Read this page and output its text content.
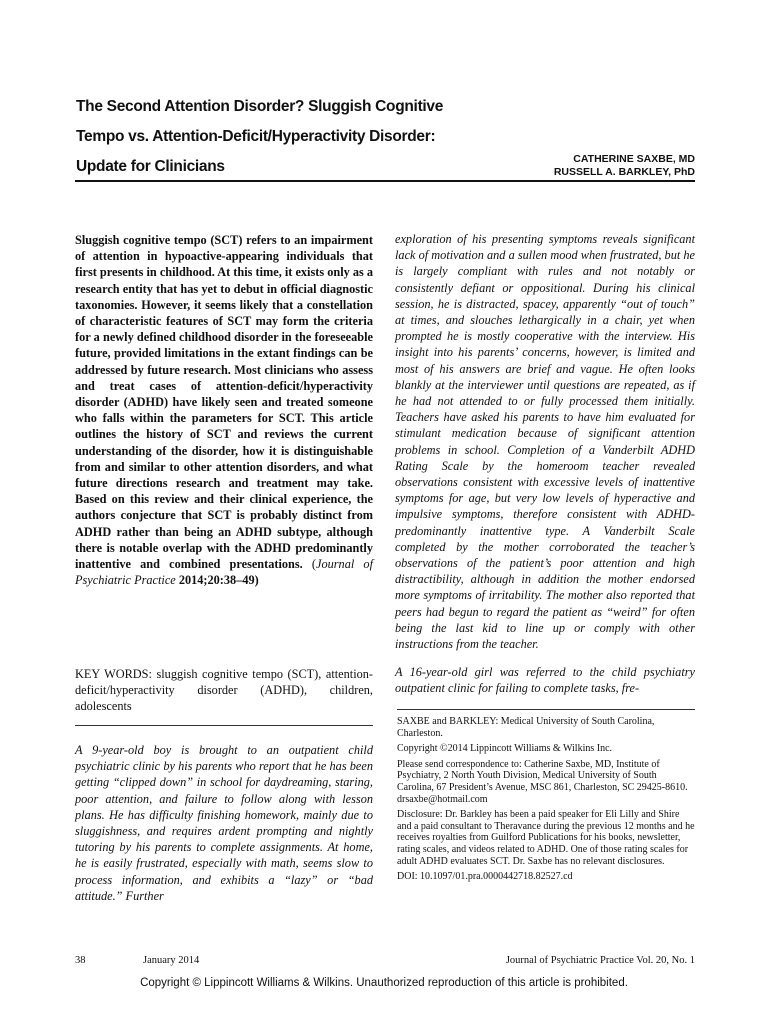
The Second Attention Disorder? Sluggish Cognitive
Tempo vs. Attention-Deficit/Hyperactivity Disorder:
Update for Clinicians	CATHERINE SAXBE, MD
RUSSELL A. BARKLEY, PhD

Sluggish cognitive tempo (SCT) refers to an impairment of attention in hypoactive-appearing individuals that first presents in childhood. At this time, it exists only as a research entity that has yet to debut in official diagnostic taxonomies. However, it seems likely that a constellation of characteristic features of SCT may form the criteria for a newly defined childhood disorder in the foreseeable future, provided limitations in the extant findings can be addressed by future research. Most clinicians who assess and treat cases of attention-deficit/hyperactivity disorder (ADHD) have likely seen and treated someone who falls within the parameters for SCT. This article outlines the history of SCT and reviews the current understanding of the disorder, how it is distinguishable from and similar to other attention disorders, and what future directions research and treatment may take. Based on this review and their clinical experience, the authors conjecture that SCT is probably distinct from ADHD rather than being an ADHD subtype, although there is notable overlap with the ADHD predominantly inattentive and combined presentations. (Journal of Psychiatric Practice 2014;20:38–49)

KEY WORDS: sluggish cognitive tempo (SCT), attention-deficit/hyperactivity disorder (ADHD), children, adolescents

A 9-year-old boy is brought to an outpatient child psychiatric clinic by his parents who report that he has been getting “clipped down” in school for daydreaming, staring, poor attention, and failure to follow along with lesson plans. He has difficulty finishing homework, mainly due to sluggishness, and requires ardent prompting and nightly tutoring by his parents to complete assignments. At home, he is easily frustrated, especially with math, seems slow to process information, and exhibits a “lazy” or “bad attitude.” Further

exploration of his presenting symptoms reveals significant lack of motivation and a sullen mood when frustrated, but he is largely compliant with rules and not notably or consistently defiant or oppositional. During his clinical session, he is distracted, spacey, apparently “out of touch” at times, and slouches lethargically in a chair, yet when prompted he is mostly cooperative with the interview. His insight into his parents’ concerns, however, is limited and most of his answers are brief and vague. He often looks blankly at the interviewer until questions are repeated, as if he had not attended to or fully processed them initially. Teachers have asked his parents to have him evaluated for stimulant medication because of significant attention problems in school. Completion of a Vanderbilt ADHD Rating Scale by the homeroom teacher revealed observations consistent with excessive levels of inattentive symptoms for age, but very low levels of hyperactive and impulsive symptoms, therefore consistent with ADHD-predominantly inattentive type. A Vanderbilt Scale completed by the mother corroborated the teacher’s observations of the patient’s poor attention and high distractibility, although in addition the mother endorsed more symptoms of irritability. The mother also reported that peers had begun to regard the patient as “weird” for often being the last kid to line up or comply with other instructions from the teacher.

A 16-year-old girl was referred to the child psychiatry outpatient clinic for failing to complete tasks, fre-

SAXBE and BARKLEY: Medical University of South Carolina, Charleston.

Copyright ©2014 Lippincott Williams & Wilkins Inc.

Please send correspondence to: Catherine Saxbe, MD, Institute of Psychiatry, 2 North Youth Division, Medical University of South Carolina, 67 President’s Avenue, MSC 861, Charleston, SC 29425-8610. drsaxbe@hotmail.com

Disclosure: Dr. Barkley has been a paid speaker for Eli Lilly and Shire and a paid consultant to Theravance during the previous 12 months and he receives royalties from Guilford Publications for his books, newsletter, rating scales, and videos related to ADHD. One of those rating scales for adult ADHD evaluates SCT. Dr. Saxbe has no relevant disclosures.

DOI: 10.1097/01.pra.0000442718.82527.cd

38	January 2014	Journal of Psychiatric Practice Vol. 20, No. 1
Copyright © Lippincott Williams & Wilkins. Unauthorized reproduction of this article is prohibited.
